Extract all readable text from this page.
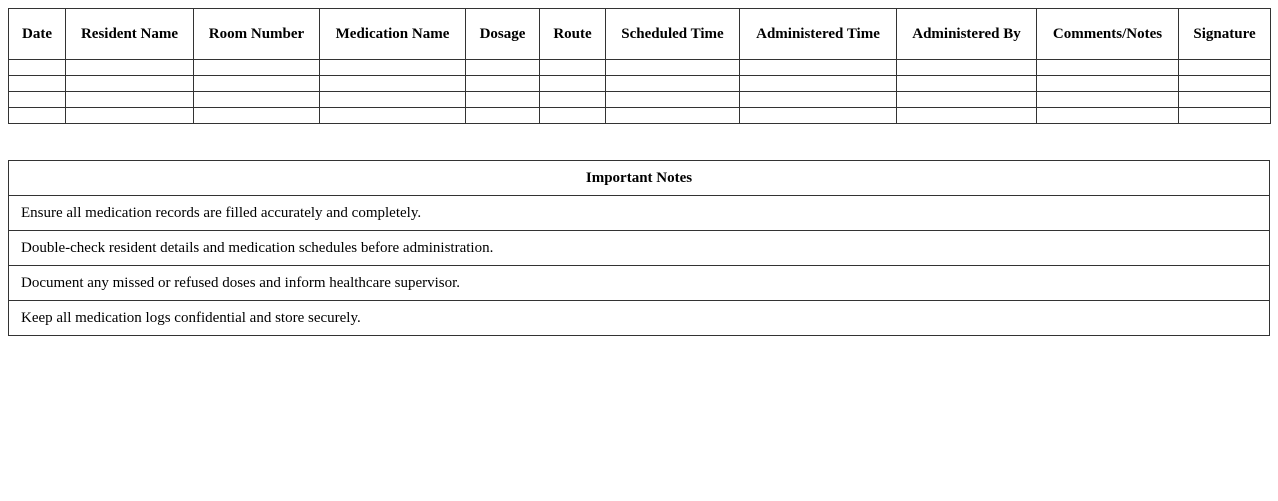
Date	Resident Name	Room Number	Medication Name	Dosage	Route	Scheduled Time	Administered Time	Administered By	Comments/Notes	Signature

Important Notes
Ensure all medication records are filled accurately and completely.
Double-check resident details and medication schedules before administration.
Document any missed or refused doses and inform healthcare supervisor.
Keep all medication logs confidential and store securely.
